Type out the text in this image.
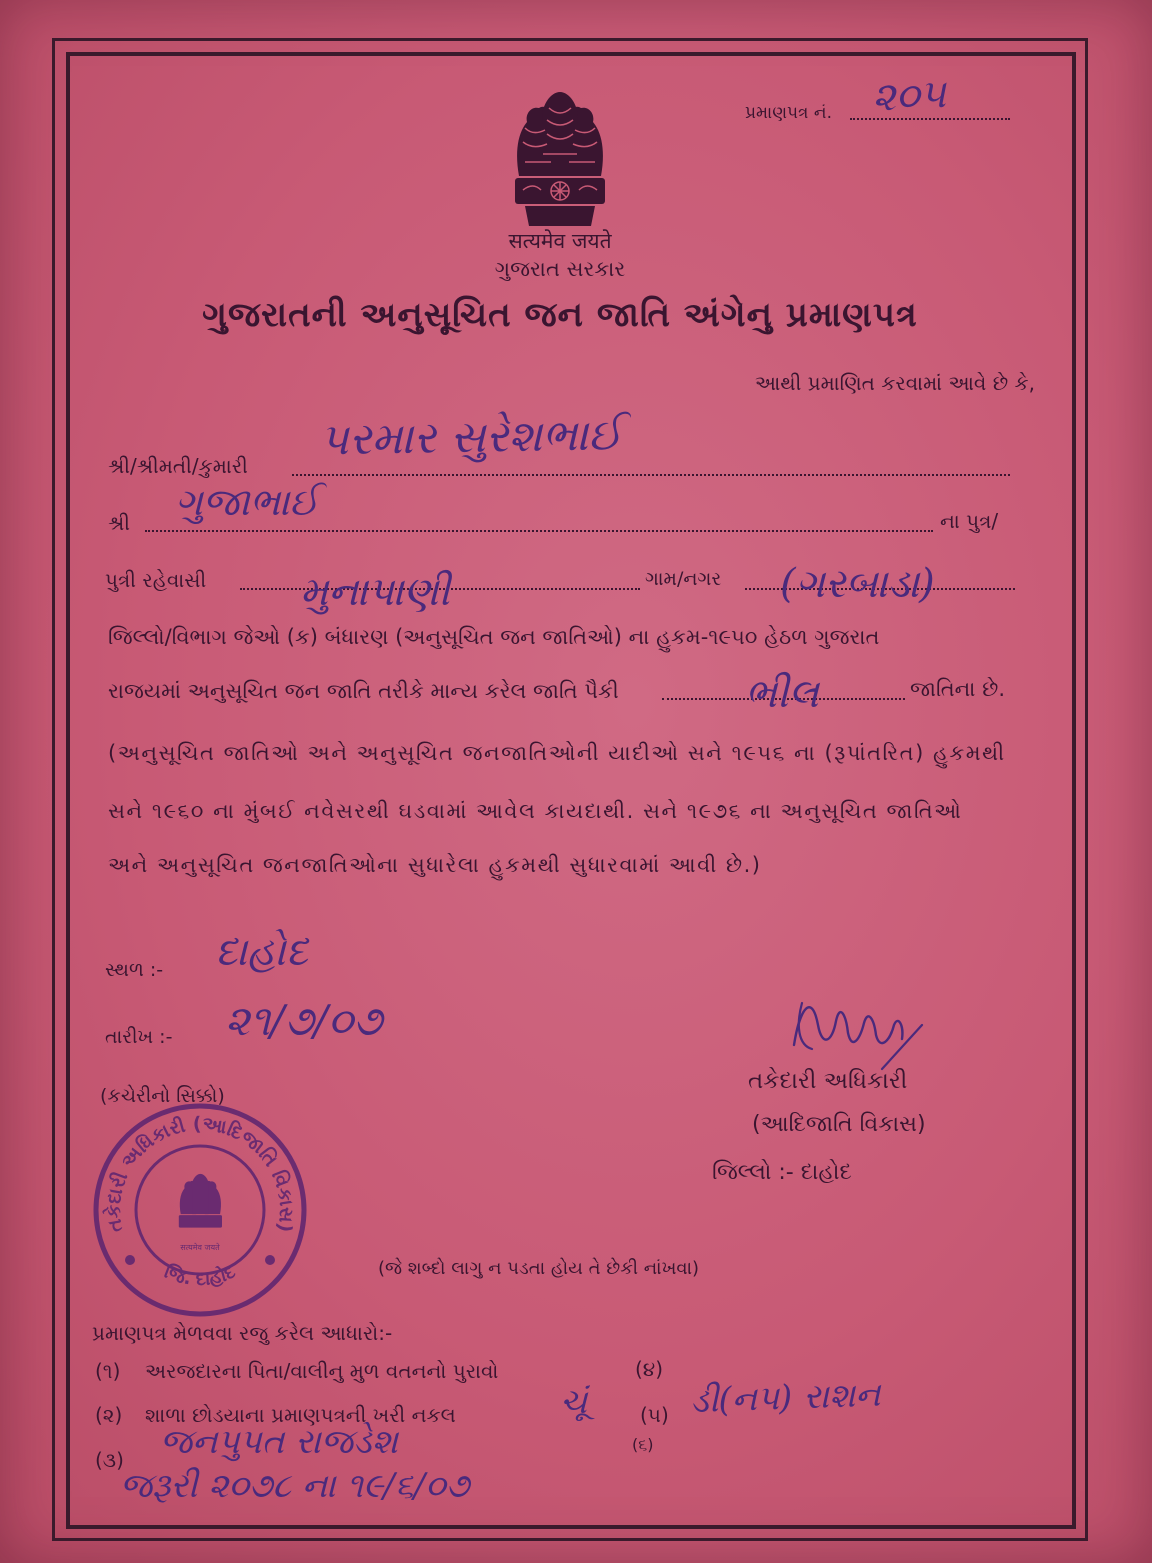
પ્રમાણપત્ર નં. ૨૦૫
सत्यमेव जयते
ગુજરાત સરકાર
ગુજરાતની અનુસૂચિત જન જાતિ અંગેનુ પ્રમાણપત્ર
આથી પ્રમાણિત કરવામાં આવે છે કે,
શ્રી/શ્રીમતી/કુમારી
પરમાર સુરેશભાઈ
શ્રી	ના પુત્ર/
ગુજાભાઈ
પુત્રી રહેવાસી	ગામ/નગર
મુનાપાણી	(ગરબાડા)
જિલ્લો/વિભાગ જેઓ (ક) બંધારણ (અનુસૂચિત જન જાતિઓ) ના હુકમ-૧૯૫૦ હેઠળ ગુજરાત
રાજયમાં અનુસૂચિત જન જાતિ તરીકે માન્ય કરેલ જાતિ પૈકી	જાતિના છે.
ભીલ
(અનુસૂચિત જાતિઓ અને અનુસૂચિત જનજાતિઓની યાદીઓ સને ૧૯૫૬ ના (રૂપાંતરિત) હુકમથી
સને ૧૯૬૦ ના મુંબઈ નવેસરથી ઘડવામાં આવેલ કાયદાથી. સને ૧૯૭૬ ના અનુસૂચિત જાતિઓ
અને અનુસૂચિત જનજાતિઓના સુધારેલા હુકમથી સુધારવામાં આવી છે.)
સ્થળ :- દાહોદ
તારીખ :- ૨૧/૭/૦૭
(કચેરીનો સિક્કો)
તકેદારી અધિકારી (આદિજાતિ વિકાસ)
જિ. દાહોદ
सत्यमेव जयते
તકેદારી અધિકારી
(આદિજાતિ વિકાસ)
જિલ્લો :- દાહોદ
(જે શબ્દો લાગુ ન પડતા હોય તે છેકી નાંખવા)
પ્રમાણપત્ર મેળવવા રજુ કરેલ આધારો:-
(૧) અરજદારના પિતા/વાલીનુ મુળ વતનનો પુરાવો	(૪)
(૨) શાળા છોડયાના પ્રમાણપત્રની ખરી નકલ	(૫)
ચૂં	ડી(નપ) રાશન
(૩) જનપુપત રાજડેશ	(૬)
જરૂરી ૨૦૭૮ ના ૧૯/૬/૦૭
